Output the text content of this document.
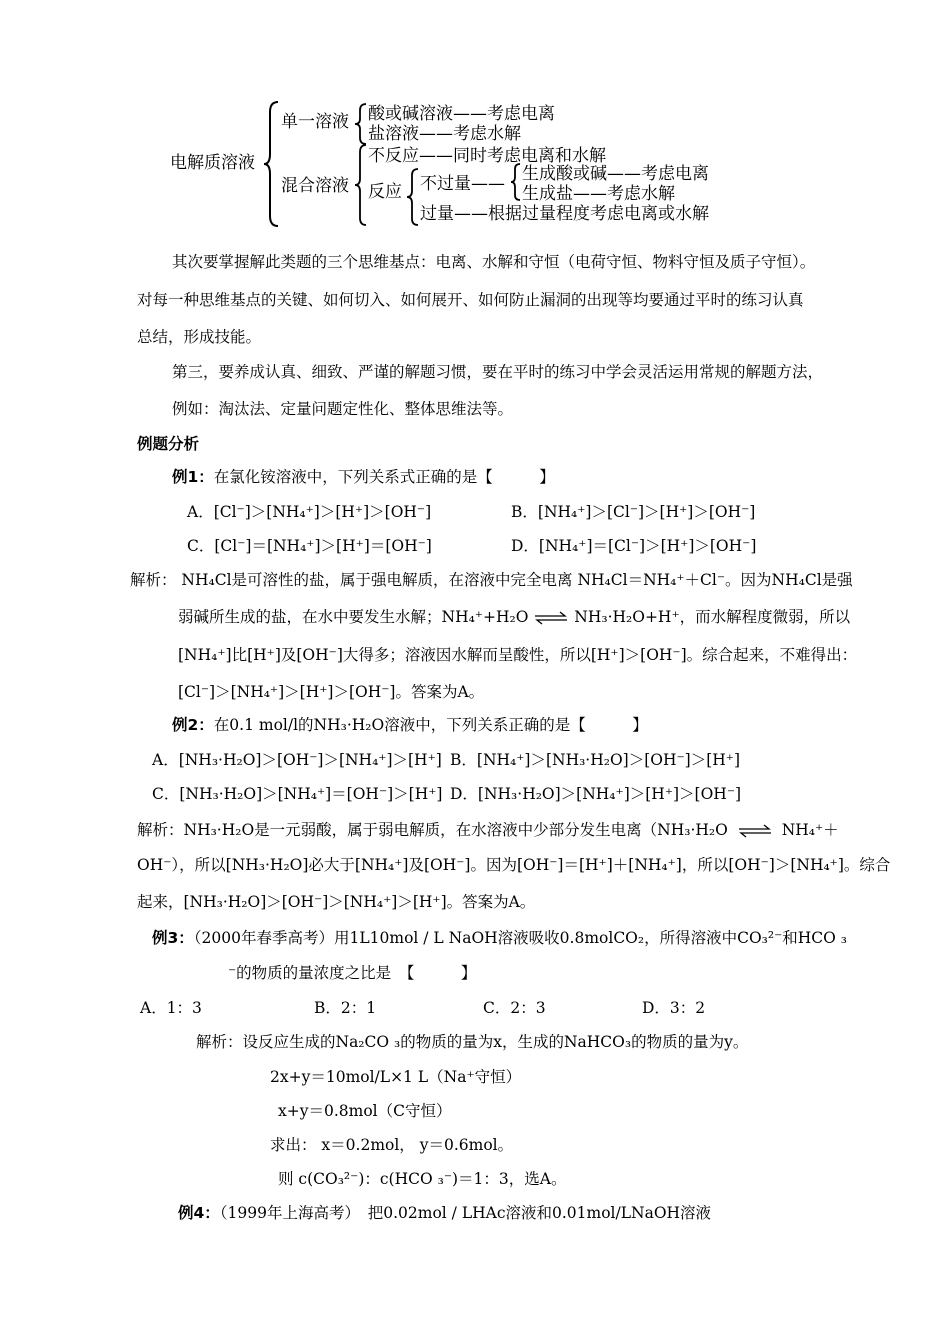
电解质溶液
单一溶液 酸或碱溶液——考虑电离
盐溶液——考虑水解
混合溶液
不反应——同时考虑电离和水解
反应 不过量—— 生成酸或碱——考虑电离
生成盐——考虑水解
过量——根据过量程度考虑电离或水解
其次要掌握解此类题的三个思维基点：电离、水解和守恒（电荷守恒、物料守恒及质子守恒）。
对每一种思维基点的关键、如何切入、如何展开、如何防止漏洞的出现等均要通过平时的练习认真
总结，形成技能。
第三，要养成认真、细致、严谨的解题习惯，要在平时的练习中学会灵活运用常规的解题方法，
例如：淘汰法、定量问题定性化、整体思维法等。
例题分析
例1：在氯化铵溶液中，下列关系式正确的是【　　　】
A．[Cl⁻]＞[NH₄⁺]＞[H⁺]＞[OH⁻]	B．[NH₄⁺]＞[Cl⁻]＞[H⁺]＞[OH⁻]
C．[Cl⁻]＝[NH₄⁺]＞[H⁺]＝[OH⁻]	D．[NH₄⁺]＝[Cl⁻]＞[H⁺]＞[OH⁻]
解析： NH₄Cl是可溶性的盐，属于强电解质，在溶液中完全电离 NH₄Cl＝NH₄⁺＋Cl⁻。因为NH₄Cl是强
弱碱所生成的盐，在水中要发生水解；NH₄⁺+H₂O ⇌ NH₃·H₂O+H⁺，而水解程度微弱，所以
[NH₄⁺]比[H⁺]及[OH⁻]大得多；溶液因水解而呈酸性，所以[H⁺]＞[OH⁻]。综合起来，不难得出：
[Cl⁻]＞[NH₄⁺]＞[H⁺]＞[OH⁻]。答案为A。
例2：在0.1 mol/l的NH₃·H₂O溶液中，下列关系正确的是【　　　】
A．[NH₃·H₂O]＞[OH⁻]＞[NH₄⁺]＞[H⁺] B．[NH₄⁺]＞[NH₃·H₂O]＞[OH⁻]＞[H⁺]
C．[NH₃·H₂O]＞[NH₄⁺]＝[OH⁻]＞[H⁺] D．[NH₃·H₂O]＞[NH₄⁺]＞[H⁺]＞[OH⁻]
解析：NH₃·H₂O是一元弱酸，属于弱电解质，在水溶液中少部分发生电离（NH₃·H₂O ⇌ NH₄⁺＋
OH⁻），所以[NH₃·H₂O]必大于[NH₄⁺]及[OH⁻]。因为[OH⁻]＝[H⁺]＋[NH₄⁺]，所以[OH⁻]＞[NH₄⁺]。综合
起来，[NH₃·H₂O]＞[OH⁻]＞[NH₄⁺]＞[H⁺]。答案为A。
例3：（2000年春季高考）用1L10mol / L NaOH溶液吸收0.8molCO₂，所得溶液中CO₃²⁻和HCO ₃
⁻的物质的量浓度之比是　【　　　】
A．1：3	B．2：1	C．2：3	D．3：2
解析：设反应生成的Na₂CO ₃的物质的量为x，生成的NaHCO₃的物质的量为y。
2x+y＝10mol/L×1 L（Na⁺守恒）
x+y＝0.8mol（C守恒）
求出： x＝0.2mol， y＝0.6mol。
则 c(CO₃²⁻)：c(HCO ₃⁻)＝1：3，选A。
例4：（1999年上海高考）　把0.02mol / LHAc溶液和0.01mol/LNaOH溶液
